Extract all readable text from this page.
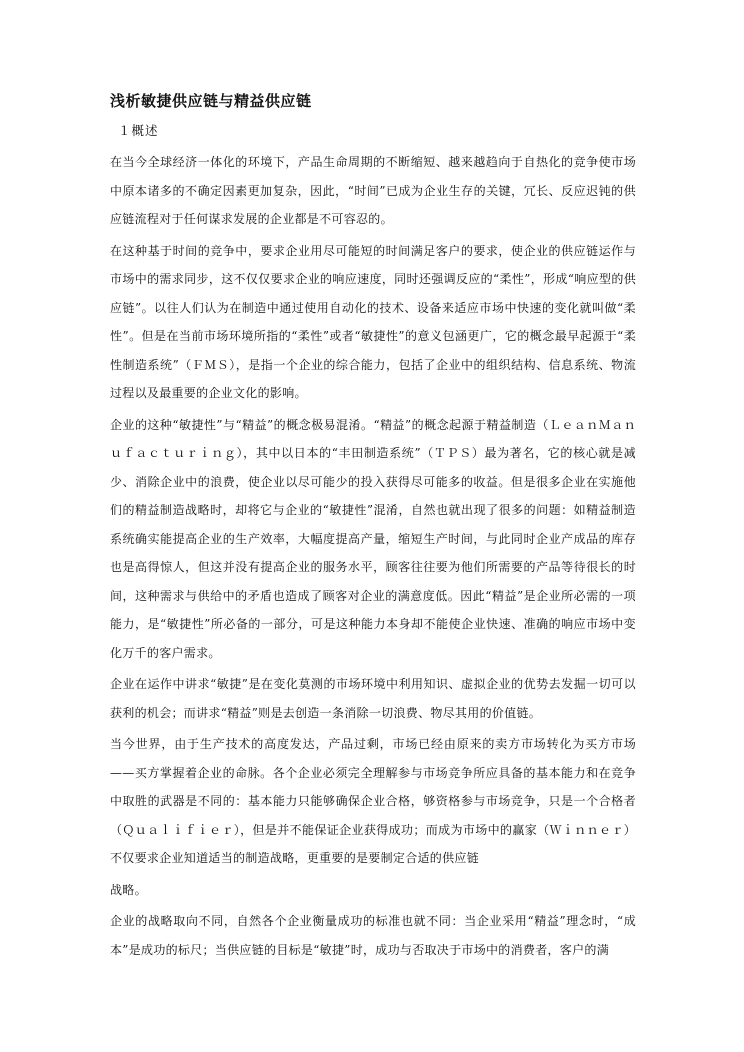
浅析敏捷供应链与精益供应链
１概述

在当今全球经济一体化的环境下，产品生命周期的不断缩短、越来越趋向于自热化的竞争使市场中原本诸多的不确定因素更加复杂，因此，“时间”已成为企业生存的关键，冗长、反应迟钝的供应链流程对于任何谋求发展的企业都是不可容忍的。

在这种基于时间的竞争中，要求企业用尽可能短的时间满足客户的要求，使企业的供应链运作与市场中的需求同步，这不仅仅要求企业的响应速度，同时还强调反应的“柔性”，形成“响应型的供应链”。以往人们认为在制造中通过使用自动化的技术、设备来适应市场中快速的变化就叫做“柔性”。但是在当前市场环境所指的“柔性”或者“敏捷性”的意义包涵更广，它的概念最早起源于“柔性制造系统”（ＦＭＳ），是指一个企业的综合能力，包括了企业中的组织结构、信息系统、物流过程以及最重要的企业文化的影响。

企业的这种“敏捷性”与“精益”的概念极易混淆。“精益”的概念起源于精益制造（ＬｅａｎＭａｎｕｆａｃｔｕｒｉｎｇ），其中以日本的“丰田制造系统”（ＴＰＳ）最为著名，它的核心就是减少、消除企业中的浪费，使企业以尽可能少的投入获得尽可能多的收益。但是很多企业在实施他们的精益制造战略时，却将它与企业的“敏捷性”混淆，自然也就出现了很多的问题：如精益制造系统确实能提高企业的生产效率，大幅度提高产量，缩短生产时间，与此同时企业产成品的库存也是高得惊人，但这并没有提高企业的服务水平，顾客往往要为他们所需要的产品等待很长的时间，这种需求与供给中的矛盾也造成了顾客对企业的满意度低。因此“精益”是企业所必需的一项能力，是“敏捷性”所必备的一部分，可是这种能力本身却不能使企业快速、准确的响应市场中变化万千的客户需求。

企业在运作中讲求“敏捷”是在变化莫测的市场环境中利用知识、虚拟企业的优势去发掘一切可以获利的机会；而讲求“精益”则是去创造一条消除一切浪费、物尽其用的价值链。

当今世界，由于生产技术的高度发达，产品过剩，市场已经由原来的卖方市场转化为买方市场——买方掌握着企业的命脉。各个企业必须完全理解参与市场竞争所应具备的基本能力和在竞争中取胜的武器是不同的：基本能力只能够确保企业合格，够资格参与市场竞争，只是一个合格者（Ｑｕａｌｉｆｉｅｒ），但是并不能保证企业获得成功；而成为市场中的赢家（Ｗｉｎｎｅｒ）不仅要求企业知道适当的制造战略，更重要的是要制定合适的供应链

战略。

企业的战略取向不同，自然各个企业衡量成功的标准也就不同：当企业采用“精益”理念时，“成本”是成功的标尺；当供应链的目标是“敏捷”时，成功与否取决于市场中的消费者，客户的满
